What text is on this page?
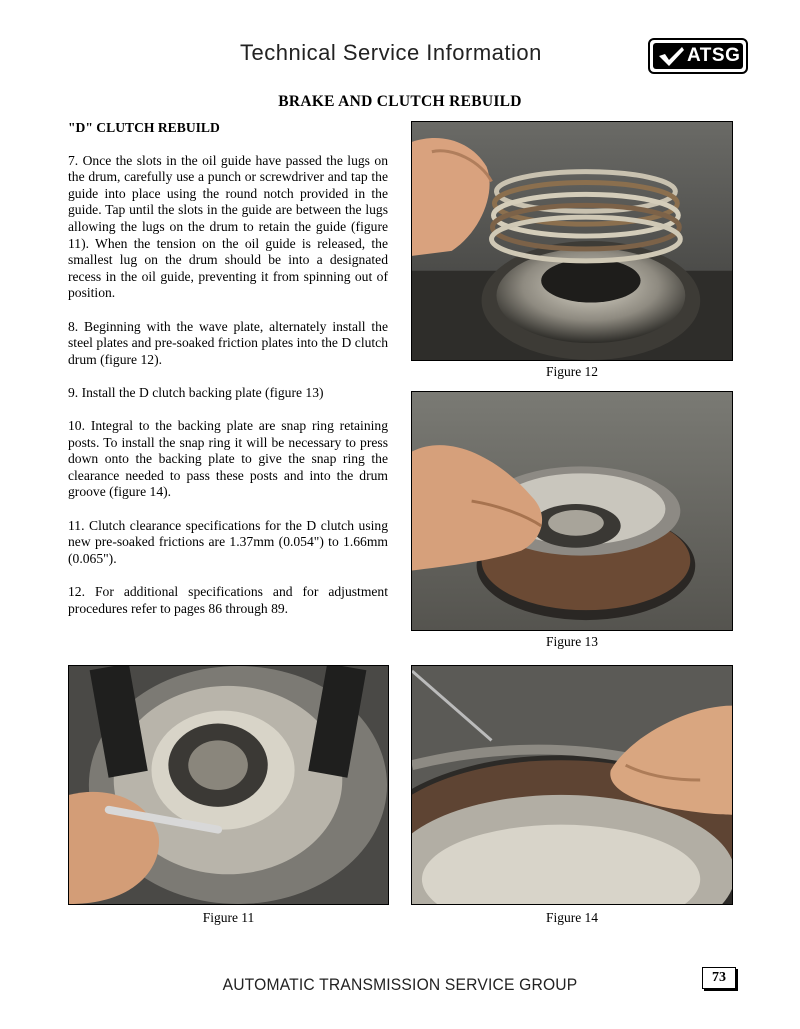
Technical Service Information	ATSG
BRAKE AND CLUTCH REBUILD
"D" CLUTCH REBUILD

7. Once the slots in the oil guide have passed the lugs on the drum, carefully use a punch or screwdriver and tap the guide into place using the round notch provided in the guide. Tap until the slots in the guide are between the lugs allowing the lugs on the drum to retain the guide (figure 11). When the tension on the oil guide is released, the smallest lug on the drum should be into a designated recess in the oil guide, preventing it from spinning out of position.

8. Beginning with the wave plate, alternately install the steel plates and pre-soaked friction plates into the D clutch drum (figure 12).

9. Install the D clutch backing plate (figure 13)

10. Integral to the backing plate are snap ring retaining posts. To install the snap ring it will be necessary to press down onto the backing plate to give the snap ring the clearance needed to pass these posts and into the drum groove (figure 14).

11. Clutch clearance specifications for the D clutch using new pre-soaked frictions are 1.37mm (0.054") to 1.66mm (0.065").

12. For additional specifications and for adjustment procedures refer to pages 86 through 89.

Figure 12
Figure 13
Figure 11	Figure 14
AUTOMATIC TRANSMISSION SERVICE GROUP	73
